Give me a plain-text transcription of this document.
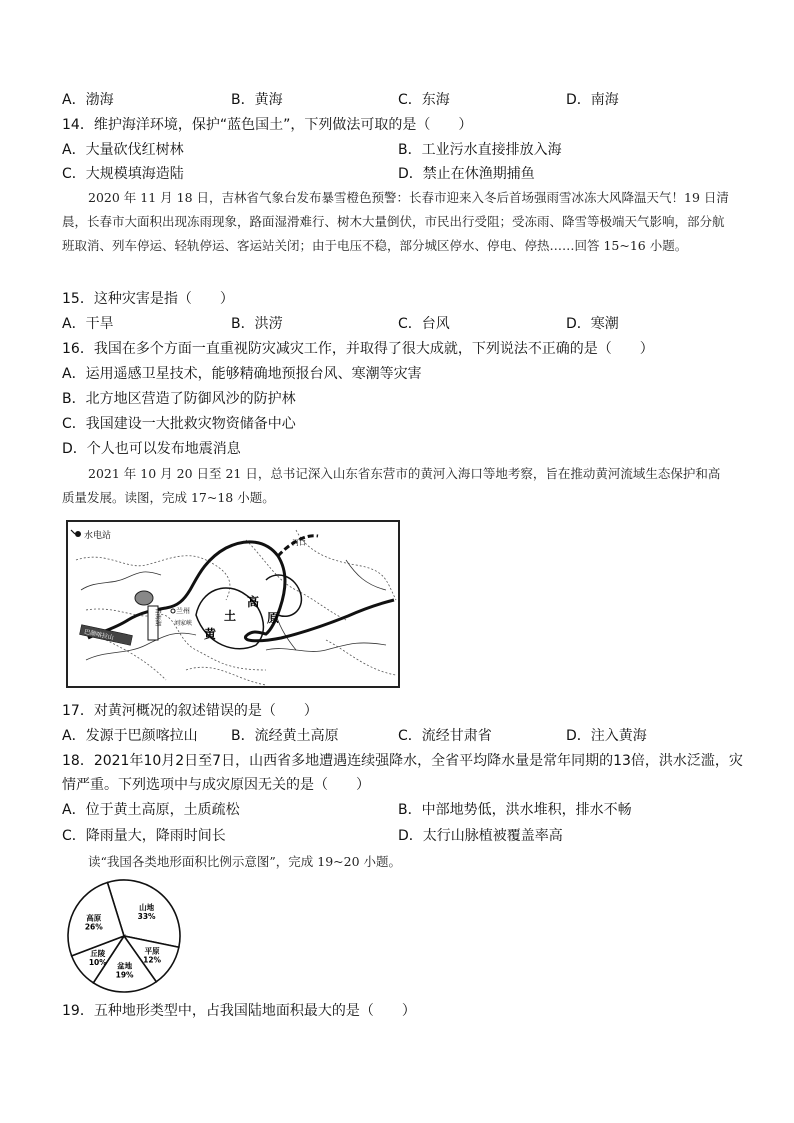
A．渤海	B．黄海	C．东海	D．南海
14．维护海洋环境，保护“蓝色国土”，下列做法可取的是（　　）
A．大量砍伐红树林	B．工业污水直接排放入海
C．大规模填海造陆	D．禁止在休渔期捕鱼
2020 年 11 月 18 日，吉林省气象台发布暴雪橙色预警：长春市迎来入冬后首场强雨雪冰冻大风降温天气！19 日清晨，长春市大面积出现冻雨现象，路面湿滑难行、树木大量倒伏，市民出行受阻；受冻雨、降雪等极端天气影响，部分航班取消、列车停运、轻轨停运、客运站关闭；由于电压不稳，部分城区停水、停电、停热……回答 15~16 小题。
15．这种灾害是指（　　）
A．干旱	B．洪涝	C．台风	D．寒潮
16．我国在多个方面一直重视防灾减灾工作，并取得了很大成就，下列说法不正确的是（　　）
A．运用遥感卫星技术，能够精确地预报台风、寒潮等灾害
B．北方地区营造了防御风沙的防护林
C．我国建设一大批救灾物资储备中心
D．个人也可以发布地震消息
2021 年 10 月 20 日至 21 日，总书记深入山东省东营市的黄河入海口等地考察，旨在推动黄河流域生态保护和高质量发展。读图，完成 17~18 小题。
水电站
河口
兰州
刘家峡
黄
土
高
原
青海湖
巴颜喀拉山
17．对黄河概况的叙述错误的是（　　）
A．发源于巴颜喀拉山 B．流经黄土高原	C．流经甘肃省	D．注入黄海
18．2021年10月2日至7日，山西省多地遭遇连续强降水，全省平均降水量是常年同期的13倍，洪水泛滥，灾
情严重。下列选项中与成灾原因无关的是（　　）
A．位于黄土高原，土质疏松	B．中部地势低，洪水堆积，排水不畅
C．降雨量大，降雨时间长	D．太行山脉植被覆盖率高
读“我国各类地形面积比例示意图”，完成 19~20 小题。
山地
33%
平原
12%
盆地
19%
丘陵
10%
高原
26%
19．五种地形类型中，占我国陆地面积最大的是（　　）
